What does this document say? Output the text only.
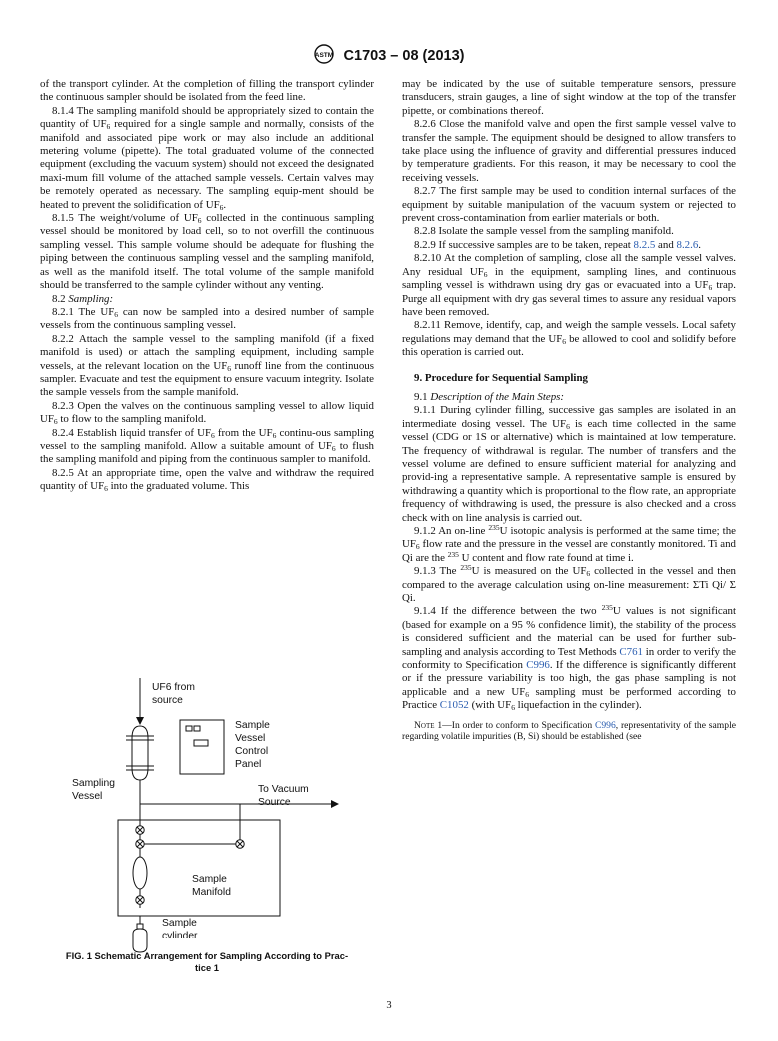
ASTM C1703 – 08 (2013)

of the transport cylinder. At the completion of filling the transport cylinder the continuous sampler should be isolated from the feed line.

8.1.4 The sampling manifold should be appropriately sized to contain the quantity of $UF_6$ required for a single sample and normally, consists of the manifold and associated pipe work or may also include an additional metering volume (pipette). The total graduated volume of the connected equipment (excluding the vacuum system) should not exceed the designated maxi-mum fill volume of the attached sample vessels. Certain valves may be remotely operated as necessary. The sampling equip-ment should be heated to prevent the solidification of $UF_6$.

8.1.5 The weight/volume of $UF_6$ collected in the continuous sampling vessel should be monitored by load cell, so to not overfill the continuous sampling vessel. This sample volume should be adequate for flushing the piping between the continuous sampling vessel and the sampling manifold, as well as the manifold itself. The total volume of the sample manifold should be transferred to the sample cylinder without any venting.

8.2 Sampling:

8.2.1 The $UF_6$ can now be sampled into a desired number of sample vessels from the continuous sampling vessel.

8.2.2 Attach the sample vessel to the sampling manifold (if a fixed manifold is used) or attach the sampling equipment, including sample vessels, at the relevant location on the $UF_6$ runoff line from the continuous sampler. Evacuate and test the equipment to ensure vacuum integrity. Isolate the sample vessels from the sample manifold.

8.2.3 Open the valves on the continuous sampling vessel to allow liquid $UF_6$ to flow to the sampling manifold.

8.2.4 Establish liquid transfer of $UF_6$ from the $UF_6$ continu-ous sampling vessel to the sampling manifold. Allow a suitable amount of $UF_6$ to flush the sampling manifold and piping from the continuous sampler to manifold.

8.2.5 At an appropriate time, open the valve and withdraw the required quantity of $UF_6$ into the graduated volume. This

UF6 from
source
Sample
Vessel
Control
Panel
Sampling
Vessel
To Vacuum
Source
Sample
Manifold
Sample
cylinder
FIG. 1 Schematic Arrangement for Sampling According to Prac-
tice 1

may be indicated by the use of suitable temperature sensors, pressure transducers, strain gauges, a line of sight window at the top of the transfer pipette, or combinations thereof.

8.2.6 Close the manifold valve and open the first sample vessel valve to transfer the sample. The equipment should be designed to allow transfers to take place using the influence of gravity and differential pressures induced by temperature gradients. For this reason, it may be necessary to cool the receiving vessels.

8.2.7 The first sample may be used to condition internal surfaces of the equipment by suitable manipulation of the vacuum system or rejected to prevent cross-contamination from earlier materials or both.

8.2.8 Isolate the sample vessel from the sampling manifold.

8.2.9 If successive samples are to be taken, repeat 8.2.5 and 8.2.6.

8.2.10 At the completion of sampling, close all the sample vessel valves. Any residual $UF_6$ in the equipment, sampling lines, and continuous sampling vessel is withdrawn using dry gas or evacuated into a $UF_6$ trap. Purge all equipment with dry gas several times to assure any residual vapors have been removed.

8.2.11 Remove, identify, cap, and weigh the sample vessels. Local safety regulations may demand that the $UF_6$ be allowed to cool and solidify before this operation is carried out.

9. Procedure for Sequential Sampling

9.1 Description of the Main Steps:

9.1.1 During cylinder filling, successive gas samples are isolated in an intermediate dosing vessel. The $UF_6$ is each time collected in the same vessel (CDG or 1S or alternative) which is maintained at low temperature. The frequency of withdrawal is regular. The number of transfers and the vessel volume are defined to ensure sufficient material for analyzing and provid-ing a representative sample. A representative sample is ensured by withdrawing a quantity which is proportional to the flow rate, an appropriate frequency of withdrawing is used, the pressure is also checked and a cross check with on line analysis is carried out.

9.1.2 An on-line $^{235}$U isotopic analysis is performed at the same time; the $UF_6$ flow rate and the pressure in the vessel are constantly monitored. Ti and Qi are the $^{235}$ U content and flow rate found at time i.

9.1.3 The $^{235}$U is measured on the $UF_6$ collected in the vessel and then compared to the average calculation using on-line measurement: ΣTi Qi/ Σ Qi.

9.1.4 If the difference between the two $^{235}$U values is not significant (based for example on a 95 % confidence limit), the stability of the process is considered sufficient and the material can be used for further sub-sampling and analysis according to Test Methods C761 in order to verify the conformity to Specification C996. If the difference is significantly different or if the pressure variability is too high, the gas phase sampling is not applicable and a new $UF_6$ sampling must be performed according to Practice C1052 (with $UF_6$ liquefaction in the cylinder).

Note 1—In order to conform to Specification C996, representativity of the sample regarding volatile impurities (B, Si) should be established (see

3
